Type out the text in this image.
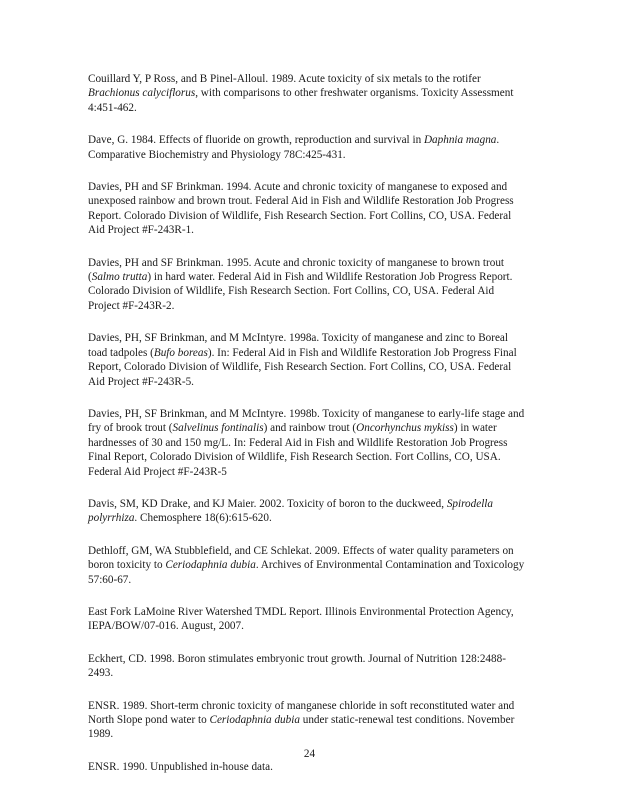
Couillard Y, P Ross, and B Pinel-Alloul. 1989. Acute toxicity of six metals to the rotifer Brachionus calyciflorus, with comparisons to other freshwater organisms. Toxicity Assessment 4:451-462.

Dave, G. 1984. Effects of fluoride on growth, reproduction and survival in Daphnia magna. Comparative Biochemistry and Physiology 78C:425-431.

Davies, PH and SF Brinkman. 1994. Acute and chronic toxicity of manganese to exposed and unexposed rainbow and brown trout. Federal Aid in Fish and Wildlife Restoration Job Progress Report. Colorado Division of Wildlife, Fish Research Section. Fort Collins, CO, USA. Federal Aid Project #F-243R-1.

Davies, PH and SF Brinkman. 1995. Acute and chronic toxicity of manganese to brown trout (Salmo trutta) in hard water. Federal Aid in Fish and Wildlife Restoration Job Progress Report. Colorado Division of Wildlife, Fish Research Section. Fort Collins, CO, USA. Federal Aid Project #F-243R-2.

Davies, PH, SF Brinkman, and M McIntyre. 1998a. Toxicity of manganese and zinc to Boreal toad tadpoles (Bufo boreas). In: Federal Aid in Fish and Wildlife Restoration Job Progress Final Report, Colorado Division of Wildlife, Fish Research Section. Fort Collins, CO, USA. Federal Aid Project #F-243R-5.

Davies, PH, SF Brinkman, and M McIntyre. 1998b. Toxicity of manganese to early-life stage and fry of brook trout (Salvelinus fontinalis) and rainbow trout (Oncorhynchus mykiss) in water hardnesses of 30 and 150 mg/L. In: Federal Aid in Fish and Wildlife Restoration Job Progress Final Report, Colorado Division of Wildlife, Fish Research Section. Fort Collins, CO, USA. Federal Aid Project #F-243R-5

Davis, SM, KD Drake, and KJ Maier. 2002. Toxicity of boron to the duckweed, Spirodella polyrrhiza. Chemosphere 18(6):615-620.

Dethloff, GM, WA Stubblefield, and CE Schlekat. 2009. Effects of water quality parameters on boron toxicity to Ceriodaphnia dubia. Archives of Environmental Contamination and Toxicology 57:60-67.

East Fork LaMoine River Watershed TMDL Report. Illinois Environmental Protection Agency, IEPA/BOW/07-016. August, 2007.

Eckhert, CD. 1998. Boron stimulates embryonic trout growth. Journal of Nutrition 128:2488-2493.

ENSR. 1989. Short-term chronic toxicity of manganese chloride in soft reconstituted water and North Slope pond water to Ceriodaphnia dubia under static-renewal test conditions. November 1989.

ENSR. 1990. Unpublished in-house data.

24
